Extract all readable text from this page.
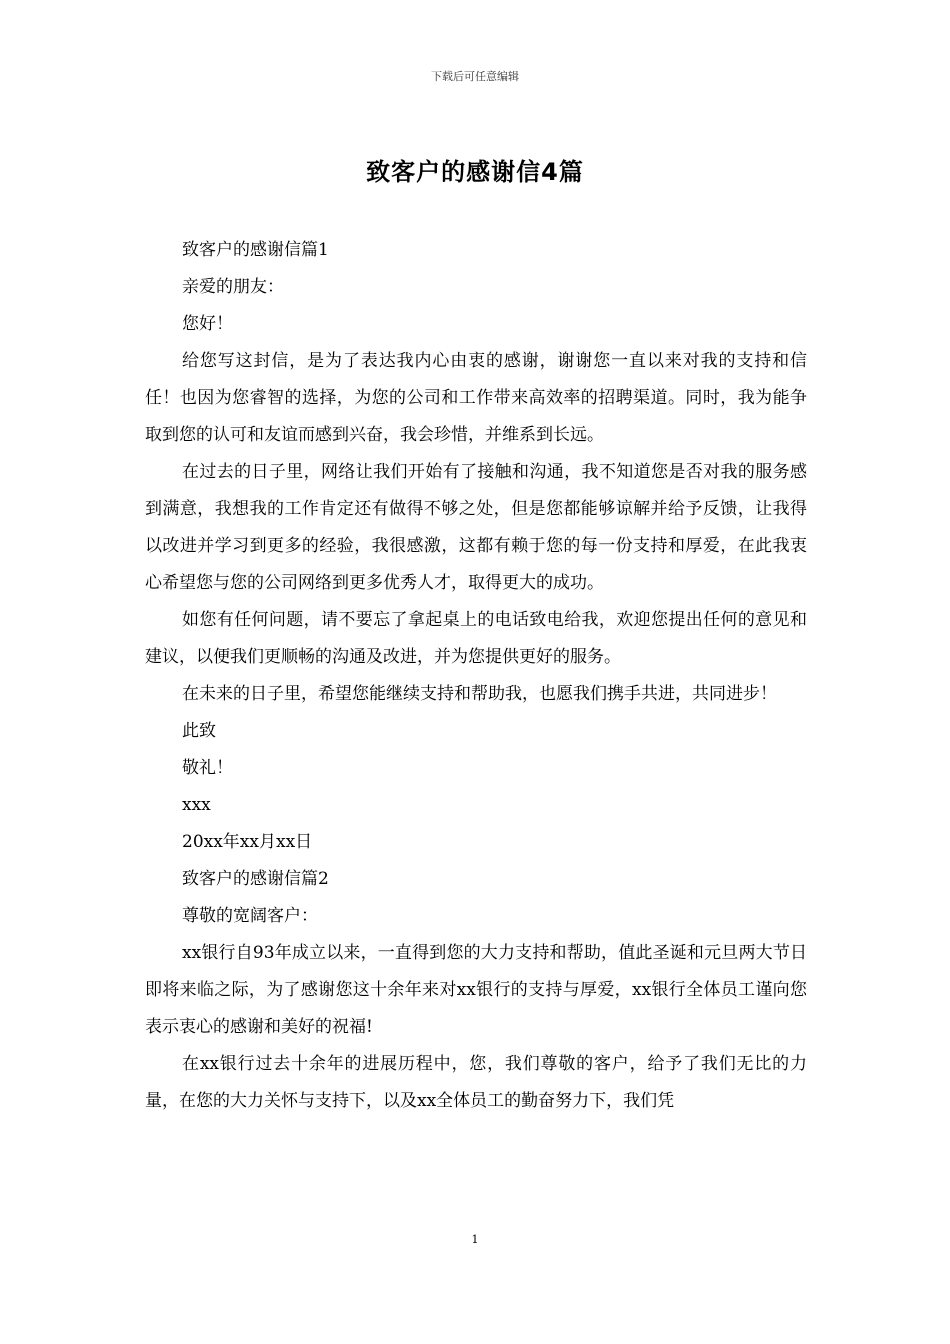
下载后可任意编辑
致客户的感谢信4篇

致客户的感谢信篇1

亲爱的朋友：

您好！

给您写这封信，是为了表达我内心由衷的感谢，谢谢您一直以来对我的支持和信任！也因为您睿智的选择，为您的公司和工作带来高效率的招聘渠道。同时，我为能争取到您的认可和友谊而感到兴奋，我会珍惜，并维系到长远。

在过去的日子里，网络让我们开始有了接触和沟通，我不知道您是否对我的服务感到满意，我想我的工作肯定还有做得不够之处，但是您都能够谅解并给予反馈，让我得以改进并学习到更多的经验，我很感激，这都有赖于您的每一份支持和厚爱，在此我衷心希望您与您的公司网络到更多优秀人才，取得更大的成功。

如您有任何问题，请不要忘了拿起桌上的电话致电给我，欢迎您提出任何的意见和建议，以便我们更顺畅的沟通及改进，并为您提供更好的服务。

在未来的日子里，希望您能继续支持和帮助我，也愿我们携手共进，共同进步！

此致

敬礼！

xxx

20xx年xx月xx日

致客户的感谢信篇2

尊敬的宽阔客户：

xx银行自93年成立以来，一直得到您的大力支持和帮助，值此圣诞和元旦两大节日即将来临之际，为了感谢您这十余年来对xx银行的支持与厚爱，xx银行全体员工谨向您表示衷心的感谢和美好的祝福!

在xx银行过去十余年的进展历程中，您，我们尊敬的客户，给予了我们无比的力量，在您的大力关怀与支持下，以及xx全体员工的勤奋努力下，我们凭

1
